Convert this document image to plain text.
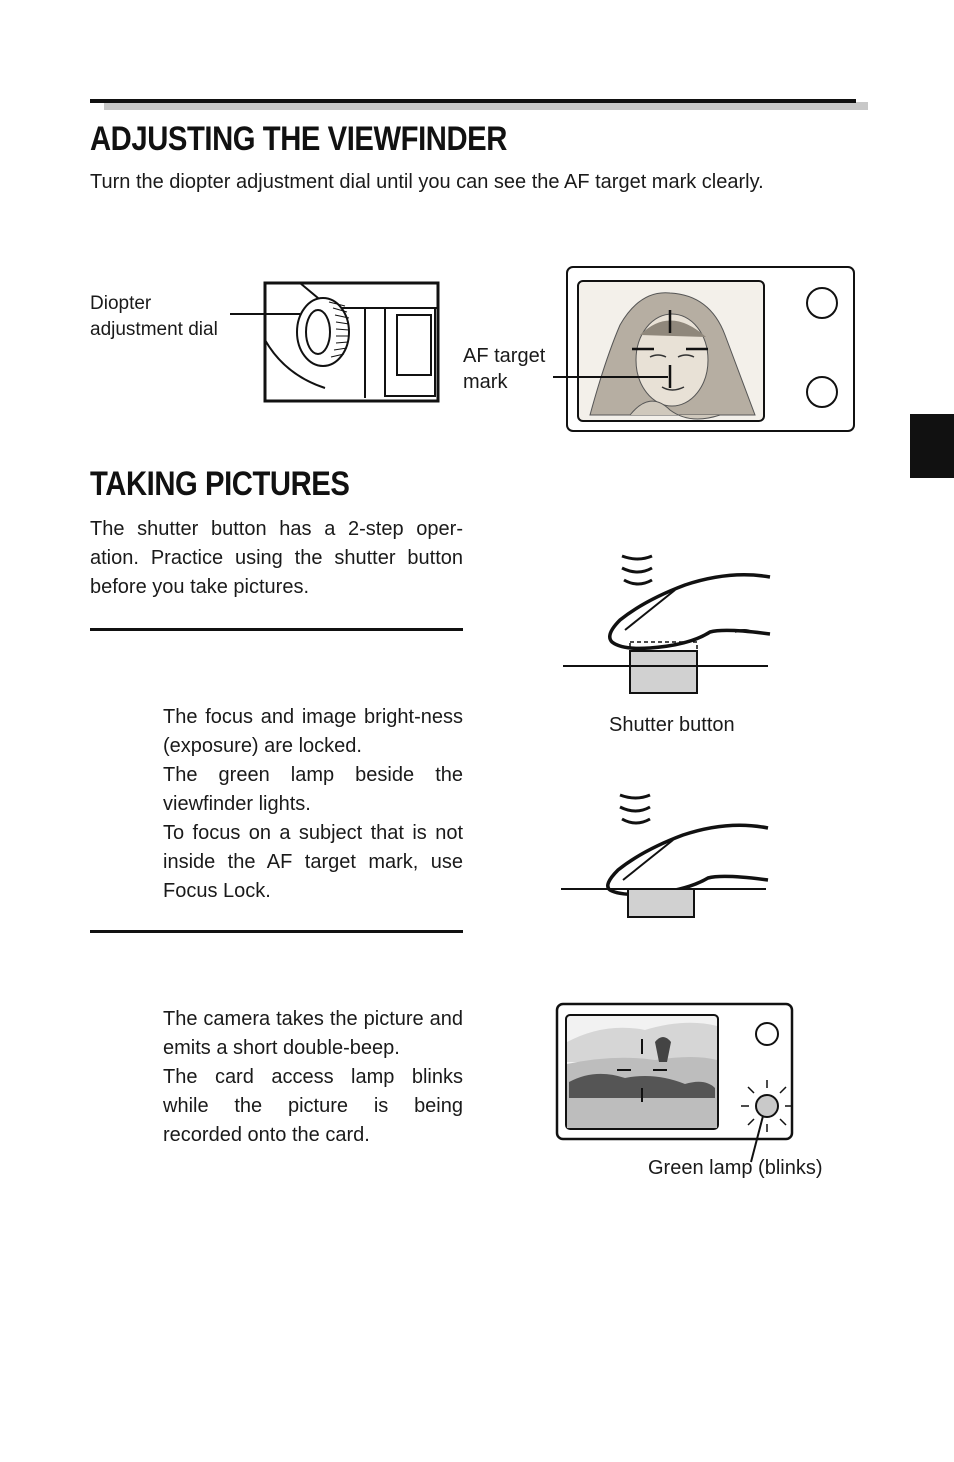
ADJUSTING THE VIEWFINDER
Turn the diopter adjustment dial until you can see the AF target mark clearly.
Diopter
adjustment dial
AF target
mark
TAKING PICTURES
The shutter button has a 2-step oper-ation. Practice using the shutter button before you take pictures.

The focus and image bright-ness (exposure) are locked.

The green lamp beside the viewfinder lights.

To focus on a subject that is not inside the AF target mark, use Focus Lock.

The camera takes the picture and emits a short double-beep.

The card access lamp blinks while the picture is being recorded onto the card.

Shutter button
Green lamp (blinks)
